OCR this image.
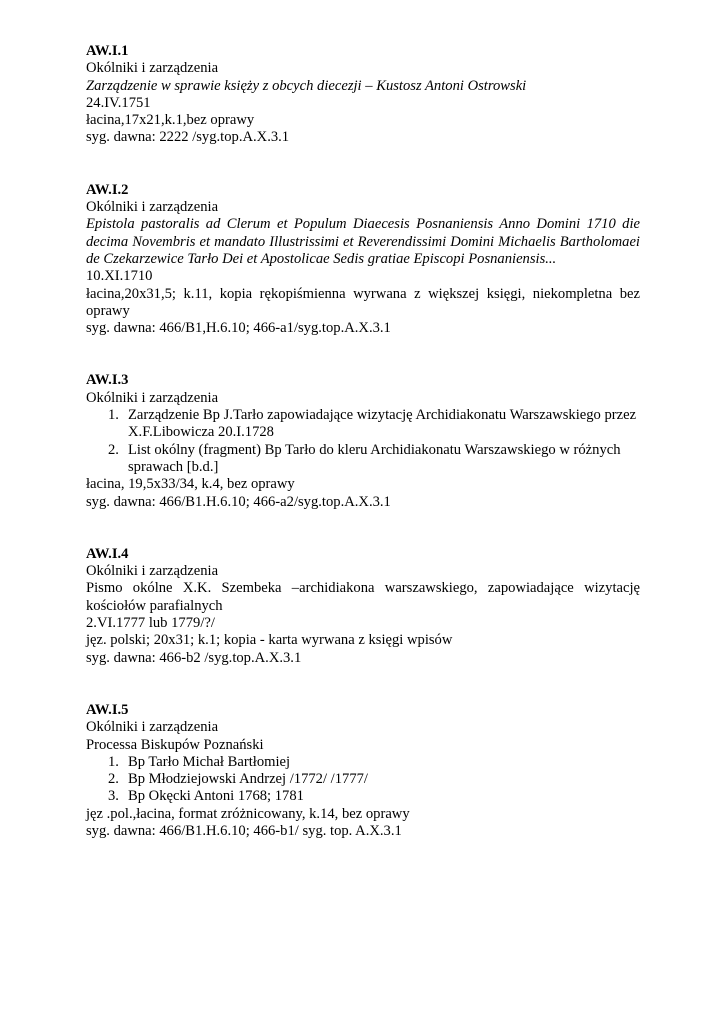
AW.I.1
Okólniki i zarządzenia
Zarządzenie w sprawie księży z obcych diecezji – Kustosz Antoni Ostrowski
24.IV.1751
łacina,17x21,k.1,bez oprawy
syg. dawna: 2222 /syg.top.A.X.3.1
AW.I.2
Okólniki i zarządzenia
Epistola pastoralis ad Clerum et Populum Diaecesis Posnaniensis Anno Domini 1710 die decima Novembris et mandato Illustrissimi et Reverendissimi Domini Michaelis Bartholomaei de Czekarzewice Tarło Dei et Apostolicae Sedis gratiae Episcopi Posnaniensis...
10.XI.1710
łacina,20x31,5; k.11, kopia rękopiśmienna wyrwana z większej księgi, niekompletna bez oprawy
syg. dawna: 466/B1,H.6.10; 466-a1/syg.top.A.X.3.1
AW.I.3
Okólniki i zarządzenia
1. Zarządzenie Bp J.Tarło zapowiadające wizytację Archidiakonatu Warszawskiego przez X.F.Libowicza 20.I.1728
2. List okólny (fragment) Bp Tarło do kleru Archidiakonatu Warszawskiego w różnych sprawach [b.d.]
łacina, 19,5x33/34, k.4, bez oprawy
syg. dawna: 466/B1.H.6.10; 466-a2/syg.top.A.X.3.1
AW.I.4
Okólniki i zarządzenia
Pismo okólne X.K. Szembeka –archidiakona warszawskiego, zapowiadające wizytację kościołów parafialnych
2.VI.1777 lub 1779/?/
jęz. polski; 20x31; k.1; kopia - karta wyrwana z księgi wpisów
syg. dawna: 466-b2 /syg.top.A.X.3.1
AW.I.5
Okólniki i zarządzenia
Processa Biskupów Poznański
1. Bp Tarło Michał Bartłomiej
2. Bp Młodziejowski Andrzej /1772/ /1777/
3. Bp Okęcki Antoni 1768; 1781
jęz .pol.,łacina, format zróżnicowany, k.14, bez oprawy
syg. dawna: 466/B1.H.6.10; 466-b1/ syg. top. A.X.3.1
